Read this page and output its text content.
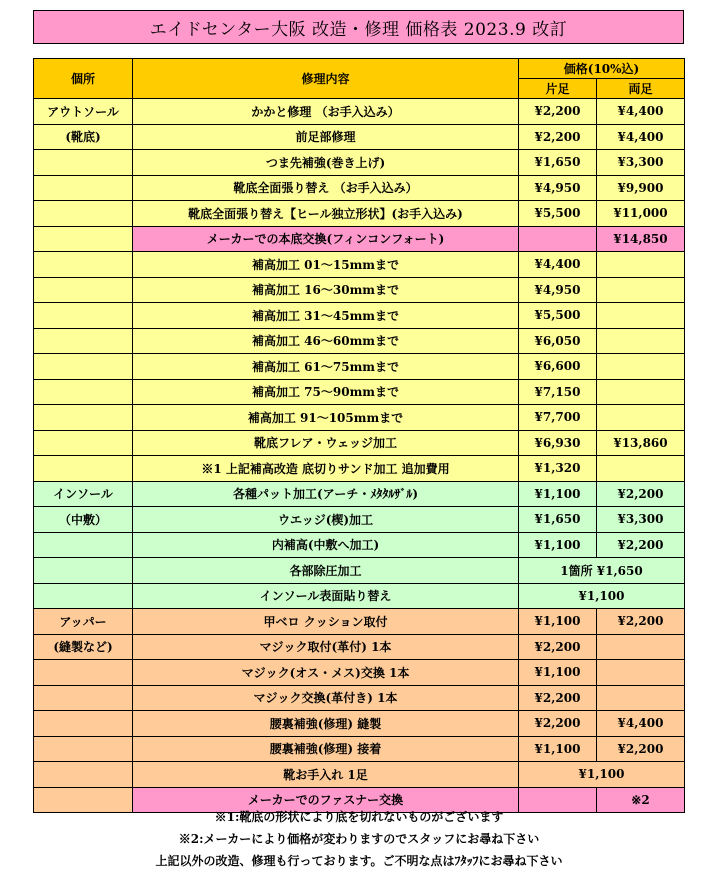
エイドセンター大阪 改造・修理 価格表 2023.9 改訂
個所	修理内容	価格(10%込)	
		片足	両足
アウトソール	かかと修理 （お手入込み）	¥2,200	¥4,400
(靴底)	前足部修理	¥2,200	¥4,400
	つま先補強(巻き上げ)	¥1,650	¥3,300
	靴底全面張り替え （お手入込み）	¥4,950	¥9,900
	靴底全面張り替え【ヒール独立形状】(お手入込み)	¥5,500	¥11,000
	メーカーでの本底交換(フィンコンフォート)		¥14,850
	補高加工 01〜15mmまで	¥4,400	
	補高加工 16〜30mmまで	¥4,950	
	補高加工 31〜45mmまで	¥5,500	
	補高加工 46〜60mmまで	¥6,050	
	補高加工 61〜75mmまで	¥6,600	
	補高加工 75〜90mmまで	¥7,150	
	補高加工 91〜105mmまで	¥7,700	
	靴底フレア・ウェッジ加工	¥6,930	¥13,860
	※1 上記補高改造 底切りサンド加工 追加費用	¥1,320	
インソール	各種パット加工(アーチ・ﾒﾀﾀﾙｻﾞﾙ)	¥1,100	¥2,200
（中敷）	ウエッジ(楔)加工	¥1,650	¥3,300
	内補高(中敷へ加工)	¥1,100	¥2,200
	各部除圧加工	1箇所 ¥1,650	
	インソール表面貼り替え	¥1,100	
アッパー	甲ベロ クッション取付	¥1,100	¥2,200
(縫製など)	マジック取付(革付) 1本	¥2,200	
	マジック(オス・メス)交換 1本	¥1,100	
	マジック交換(革付き) 1本	¥2,200	
	腰裏補強(修理) 縫製	¥2,200	¥4,400
	腰裏補強(修理) 接着	¥1,100	¥2,200
	靴お手入れ 1足	¥1,100	
	メーカーでのファスナー交換		※2
※1:靴底の形状により底を切れないものがございます
※2:メーカーにより価格が変わりますのでスタッフにお尋ね下さい
上記以外の改造、修理も行っております。ご不明な点はﾌﾀｯﾌにお尋ね下さい
